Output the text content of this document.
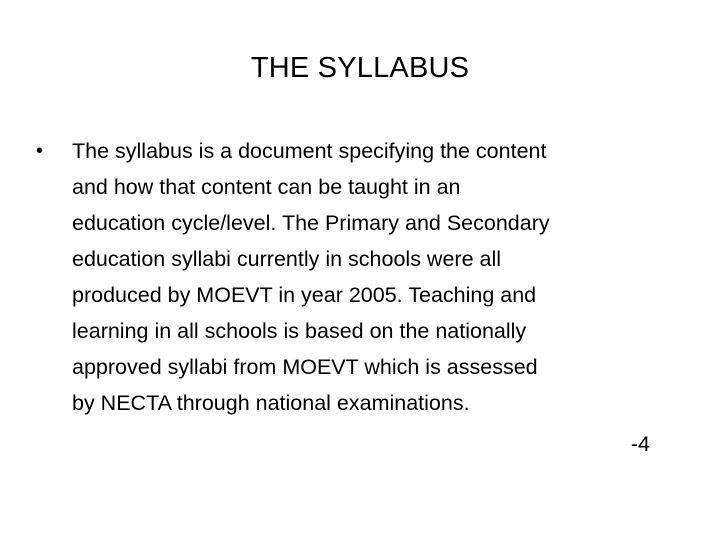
THE SYLLABUS
• The syllabus is a document specifying the content
and how that content can be taught in an
education cycle/level. The Primary and Secondary
education syllabi currently in schools were all
produced by MOEVT in year 2005. Teaching and
learning in all schools is based on the nationally
approved syllabi from MOEVT which is assessed
by NECTA through national examinations.
-4
